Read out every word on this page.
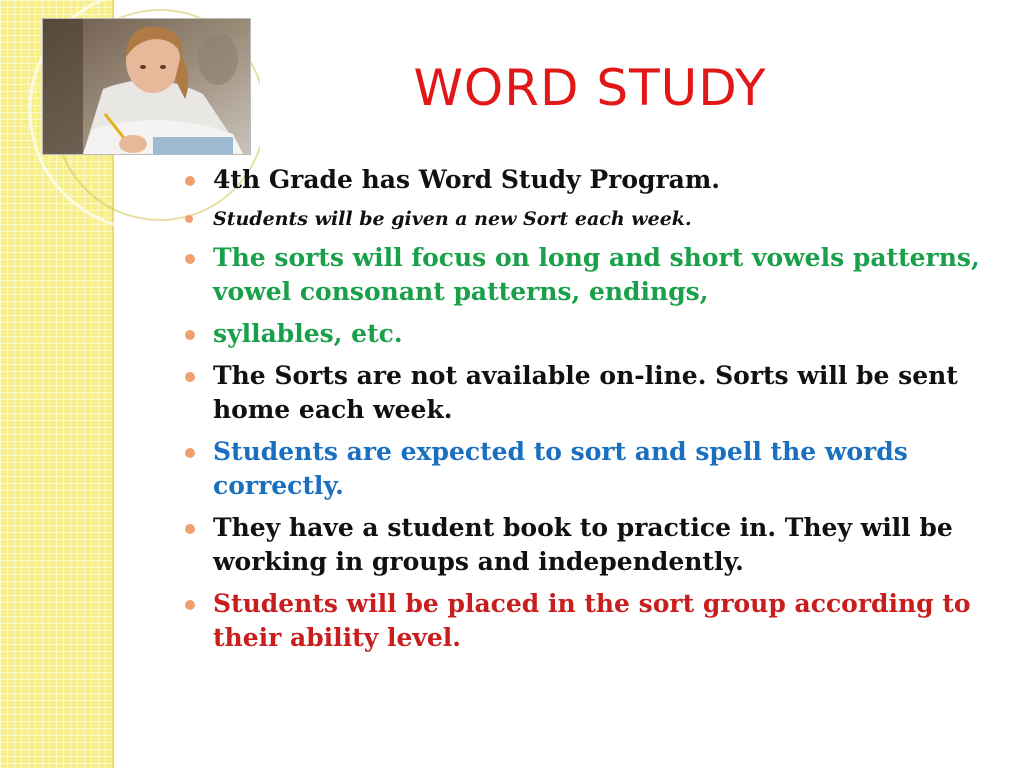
WORD STUDY
4th Grade has Word Study Program.
Students will be given a new Sort each week.
The sorts will focus on long and short vowels patterns, vowel consonant patterns, endings,
syllables, etc.
The Sorts are not available on-line. Sorts will be sent home each week.
Students are expected to sort and spell the words correctly.
They have a student book to practice in. They will be working in groups and independently.
Students will be placed in the sort group according to their ability level.
